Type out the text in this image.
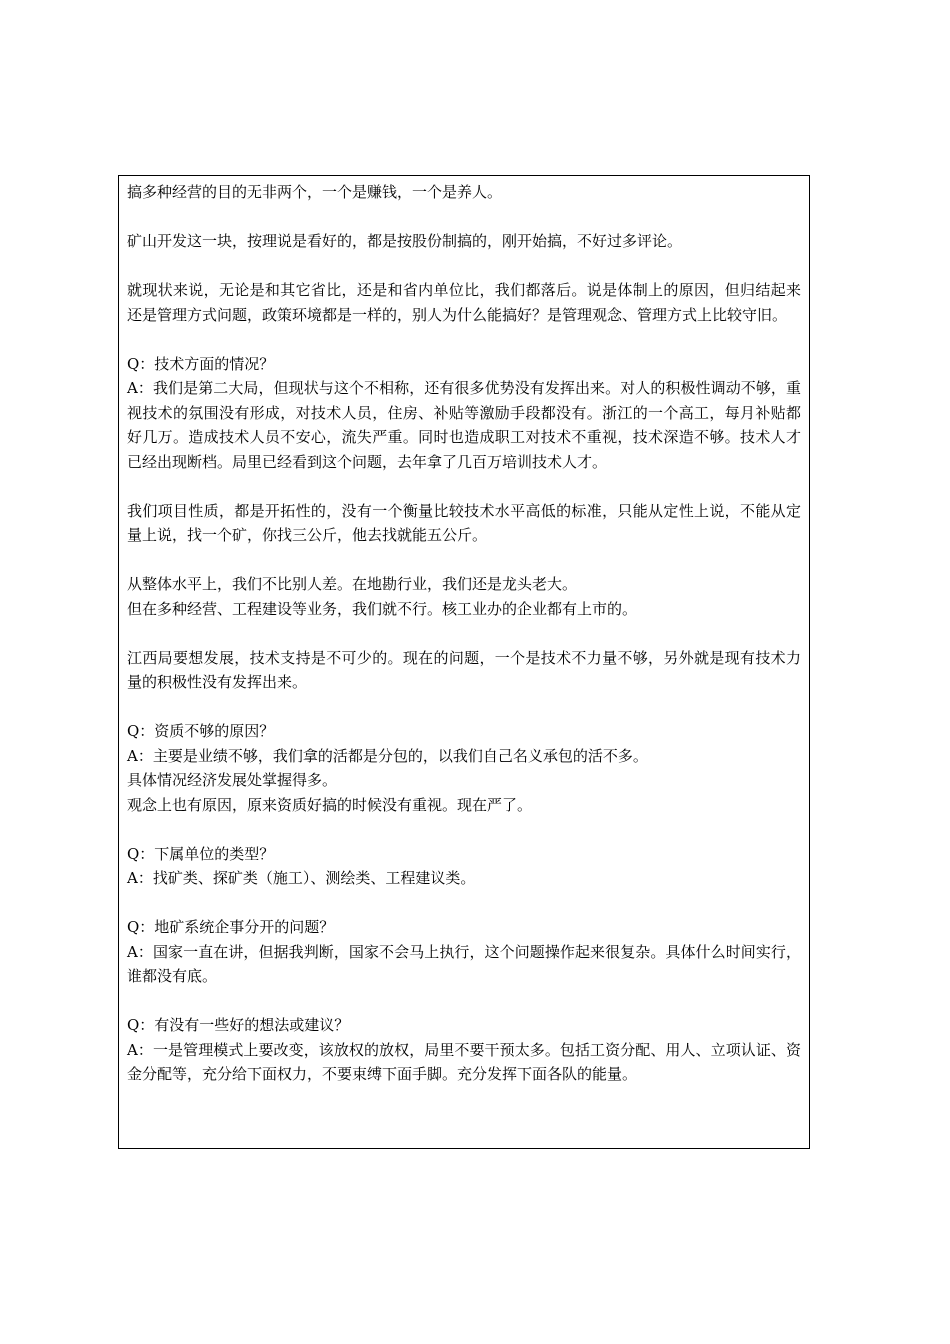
搞多种经营的目的无非两个，一个是赚钱，一个是养人。

矿山开发这一块，按理说是看好的，都是按股份制搞的，刚开始搞，不好过多评论。

就现状来说，无论是和其它省比，还是和省内单位比，我们都落后。说是体制上的原因，但归结起来还是管理方式问题，政策环境都是一样的，别人为什么能搞好？是管理观念、管理方式上比较守旧。

Q：技术方面的情况？
A：我们是第二大局，但现状与这个不相称，还有很多优势没有发挥出来。对人的积极性调动不够，重视技术的氛围没有形成，对技术人员，住房、补贴等激励手段都没有。浙江的一个高工，每月补贴都好几万。造成技术人员不安心，流失严重。同时也造成职工对技术不重视，技术深造不够。技术人才已经出现断档。局里已经看到这个问题，去年拿了几百万培训技术人才。

我们项目性质，都是开拓性的，没有一个衡量比较技术水平高低的标准，只能从定性上说，不能从定量上说，找一个矿，你找三公斤，他去找就能五公斤。

从整体水平上，我们不比别人差。在地勘行业，我们还是龙头老大。
但在多种经营、工程建设等业务，我们就不行。核工业办的企业都有上市的。

江西局要想发展，技术支持是不可少的。现在的问题，一个是技术不力量不够，另外就是现有技术力量的积极性没有发挥出来。

Q：资质不够的原因？
A：主要是业绩不够，我们拿的活都是分包的，以我们自己名义承包的活不多。
具体情况经济发展处掌握得多。
观念上也有原因，原来资质好搞的时候没有重视。现在严了。

Q：下属单位的类型？
A：找矿类、探矿类（施工）、测绘类、工程建议类。

Q：地矿系统企事分开的问题？
A：国家一直在讲，但据我判断，国家不会马上执行，这个问题操作起来很复杂。具体什么时间实行，谁都没有底。

Q：有没有一些好的想法或建议？
A：一是管理模式上要改变，该放权的放权，局里不要干预太多。包括工资分配、用人、立项认证、资金分配等，充分给下面权力，不要束缚下面手脚。充分发挥下面各队的能量。
